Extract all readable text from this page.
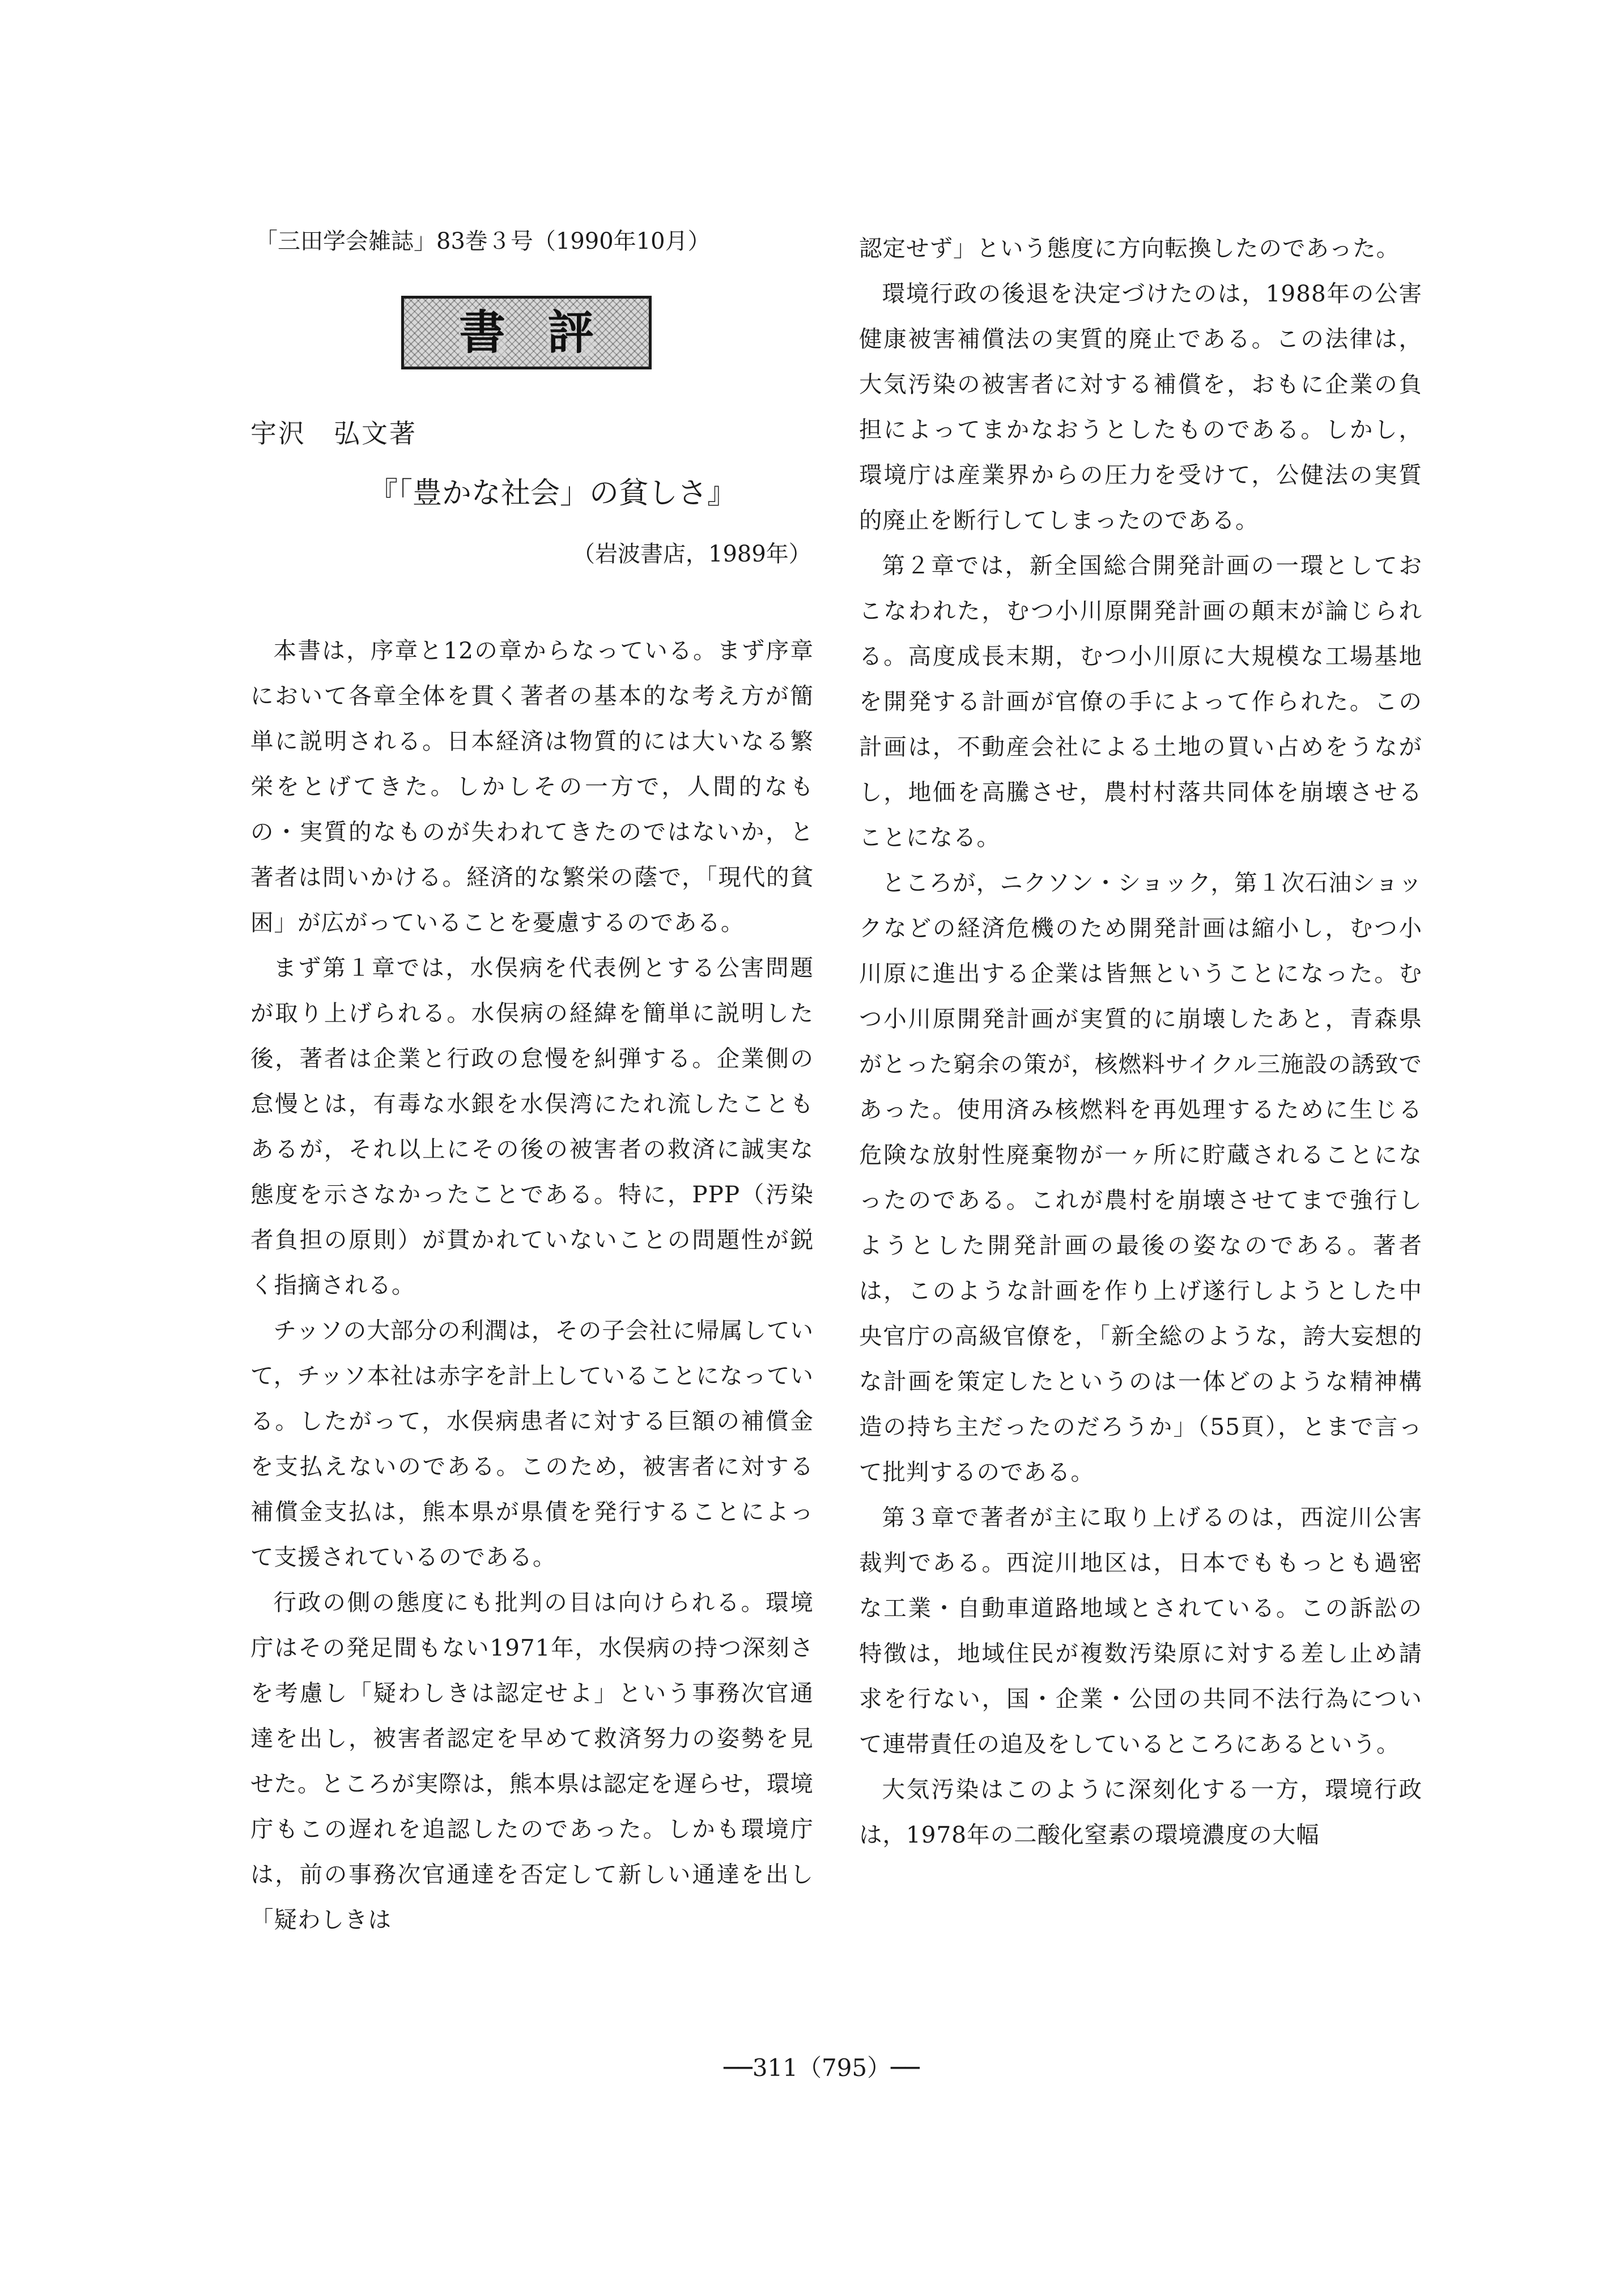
「三田学会雑誌」83巻３号（1990年10月）
書 評
宇沢　弘文著
『「豊かな社会」の貧しさ』
（岩波書店，1989年）

本書は，序章と12の章からなっている。まず序章において各章全体を貫く著者の基本的な考え方が簡単に説明される。日本経済は物質的には大いなる繁栄をとげてきた。しかしその一方で，人間的なもの・実質的なものが失われてきたのではないか，と著者は問いかける。経済的な繁栄の蔭で，「現代的貧困」が広がっていることを憂慮するのである。

まず第１章では，水俣病を代表例とする公害問題が取り上げられる。水俣病の経緯を簡単に説明した後，著者は企業と行政の怠慢を糾弾する。企業側の怠慢とは，有毒な水銀を水俣湾にたれ流したこともあるが，それ以上にその後の被害者の救済に誠実な態度を示さなかったことである。特に，PPP（汚染者負担の原則）が貫かれていないことの問題性が鋭く指摘される。

チッソの大部分の利潤は，その子会社に帰属していて，チッソ本社は赤字を計上していることになっている。したがって，水俣病患者に対する巨額の補償金を支払えないのである。このため，被害者に対する補償金支払は，熊本県が県債を発行することによって支援されているのである。

行政の側の態度にも批判の目は向けられる。環境庁はその発足間もない1971年，水俣病の持つ深刻さを考慮し「疑わしきは認定せよ」という事務次官通達を出し，被害者認定を早めて救済努力の姿勢を見せた。ところが実際は，熊本県は認定を遅らせ，環境庁もこの遅れを追認したのであった。しかも環境庁は，前の事務次官通達を否定して新しい通達を出し「疑わしきは

認定せず」という態度に方向転換したのであった。

環境行政の後退を決定づけたのは，1988年の公害健康被害補償法の実質的廃止である。この法律は，大気汚染の被害者に対する補償を，おもに企業の負担によってまかなおうとしたものである。しかし，環境庁は産業界からの圧力を受けて，公健法の実質的廃止を断行してしまったのである。

第２章では，新全国総合開発計画の一環としておこなわれた，むつ小川原開発計画の顛末が論じられる。高度成長末期，むつ小川原に大規模な工場基地を開発する計画が官僚の手によって作られた。この計画は，不動産会社による土地の買い占めをうながし，地価を高騰させ，農村村落共同体を崩壊させることになる。

ところが，ニクソン・ショック，第１次石油ショックなどの経済危機のため開発計画は縮小し，むつ小川原に進出する企業は皆無ということになった。むつ小川原開発計画が実質的に崩壊したあと，青森県がとった窮余の策が，核燃料サイクル三施設の誘致であった。使用済み核燃料を再処理するために生じる危険な放射性廃棄物が一ヶ所に貯蔵されることになったのである。これが農村を崩壊させてまで強行しようとした開発計画の最後の姿なのである。著者は，このような計画を作り上げ遂行しようとした中央官庁の高級官僚を，「新全総のような，誇大妄想的な計画を策定したというのは一体どのような精神構造の持ち主だったのだろうか」（55頁），とまで言って批判するのである。

第３章で著者が主に取り上げるのは，西淀川公害裁判である。西淀川地区は，日本でももっとも過密な工業・自動車道路地域とされている。この訴訟の特徴は，地域住民が複数汚染原に対する差し止め請求を行ない，国・企業・公団の共同不法行為について連帯責任の追及をしているところにあるという。

大気汚染はこのように深刻化する一方，環境行政は，1978年の二酸化窒素の環境濃度の大幅

──311（795）──
